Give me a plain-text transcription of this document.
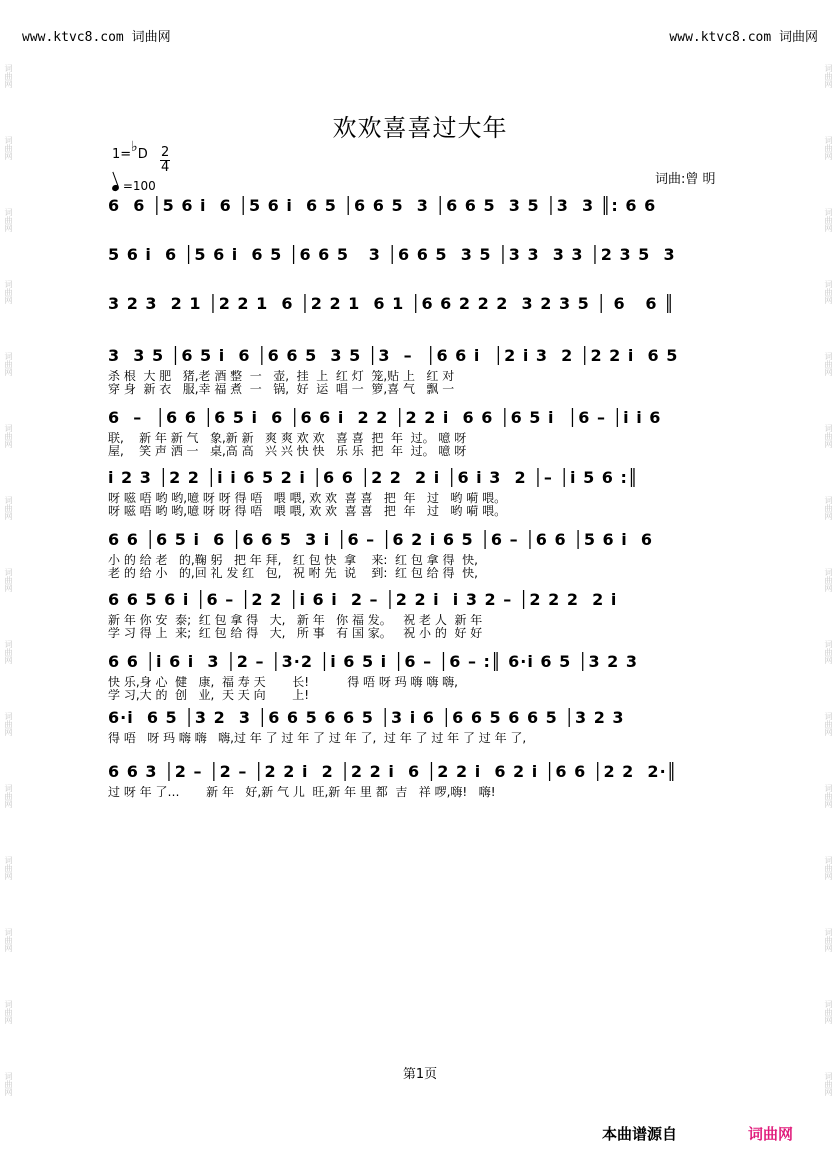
www.ktvc8.com 词曲网	www.ktvc8.com 词曲网
词曲网
词曲网
词曲网
词曲网
词曲网
词曲网
词曲网
词曲网
词曲网
词曲网
词曲网
词曲网
词曲网
词曲网
词曲网
词曲网
词曲网
词曲网
词曲网
词曲网
词曲网
词曲网
词曲网
词曲网
词曲网
词曲网
词曲网
词曲网
词曲网
词曲网
欢欢喜喜过大年
1=♭D 2
4
=100	词曲:曾 明
6  6 │5 6 i  6 │5 6 i  6 5 │6 6 5  3 │6 6 5  3 5 │3  3 ║: 6 6
5 6 i  6 │5 6 i  6 5 │6 6 5   3 │6 6 5  3 5 │3 3  3 3 │2 3 5  3
3 2 3  2 1 │2 2 1  6 │2 2 1  6 1 │6 6 2 2 2  3 2 3 5 │ 6   6 ║
3  3 5 │6 5 i  6 │6 6 5  3 5 │3  –  │6 6 i  │2 i 3  2 │2 2 i  6 5
杀 根  大 肥   猪,老 酒 整  一   壶,  挂  上  红 灯  笼,贴 上   红 对
穿 身  新 衣   服,幸 福 煮  一   锅,  好  运  唱 一  箩,喜 气   飘 一
6  –  │6 6 │6 5 i  6 │6 6 i  2 2 │2 2 i  6 6 │6 5 i  │6 – │i i 6
联,    新 年 新 气   象,新 新   爽 爽 欢 欢   喜 喜  把  年  过。 噫 呀
屋,    笑 声 洒 一   桌,高 高   兴 兴 快 快   乐 乐  把  年  过。 噫 呀
i 2 3 │2 2 │i i 6 5 2 i │6 6 │2 2  2 i │6 i 3  2 │– │i 5 6 :║
呀 嗞 唔 哟 哟,噫 呀 呀 得 唔   喂 喂, 欢 欢  喜 喜   把  年   过   哟 嗬 喂。
呀 嗞 唔 哟 哟,噫 呀 呀 得 唔   喂 喂, 欢 欢  喜 喜   把  年   过   哟 嗬 喂。
6 6 │6 5 i  6 │6 6 5  3 i │6 – │6 2 i 6 5 │6 – │6 6 │5 6 i  6
小 的 给 老   的,鞠 躬   把 年 拜,   红 包 快  拿    来:  红 包 拿 得  快,
老 的 给 小   的,回 礼 发 红   包,   祝 咐 先  说    到:  红 包 给 得  快,
6 6 5 6 i │6 – │2 2 │i 6 i  2 – │2 2 i  i 3 2 – │2 2 2  2 i
新 年 你 安  泰;  红 包 拿 得   大,   新 年   你 福 发。   祝 老 人  新 年
学 习 得 上  来;  红 包 给 得   大,   所 事   有 国 家。   祝 小 的  好 好
6 6 │i 6 i  3 │2 – │3·2 │i 6 5 i │6 – │6 – :║ 6·i 6 5 │3 2 3
快 乐,身 心  健   康,  福 寿 天       长!          得 唔 呀 玛 嗨 嗨 嗨,
学 习,大 的  创   业,  天 天 向       上!
6·i  6 5 │3 2  3 │6 6 5 6 6 5 │3 i 6 │6 6 5 6 6 5 │3 2 3
得 唔   呀 玛 嗨 嗨   嗨,过 年 了 过 年 了 过 年 了,  过 年 了 过 年 了 过 年 了,
6 6 3 │2 – │2 – │2 2 i  2 │2 2 i  6 │2 2 i  6 2 i │6 6 │2 2  2·║
过 呀 年 了…       新 年   好,新 气 儿  旺,新 年 里 都  吉   祥 啰,嗨!   嗨!
第1页
本曲谱源自	词曲网
